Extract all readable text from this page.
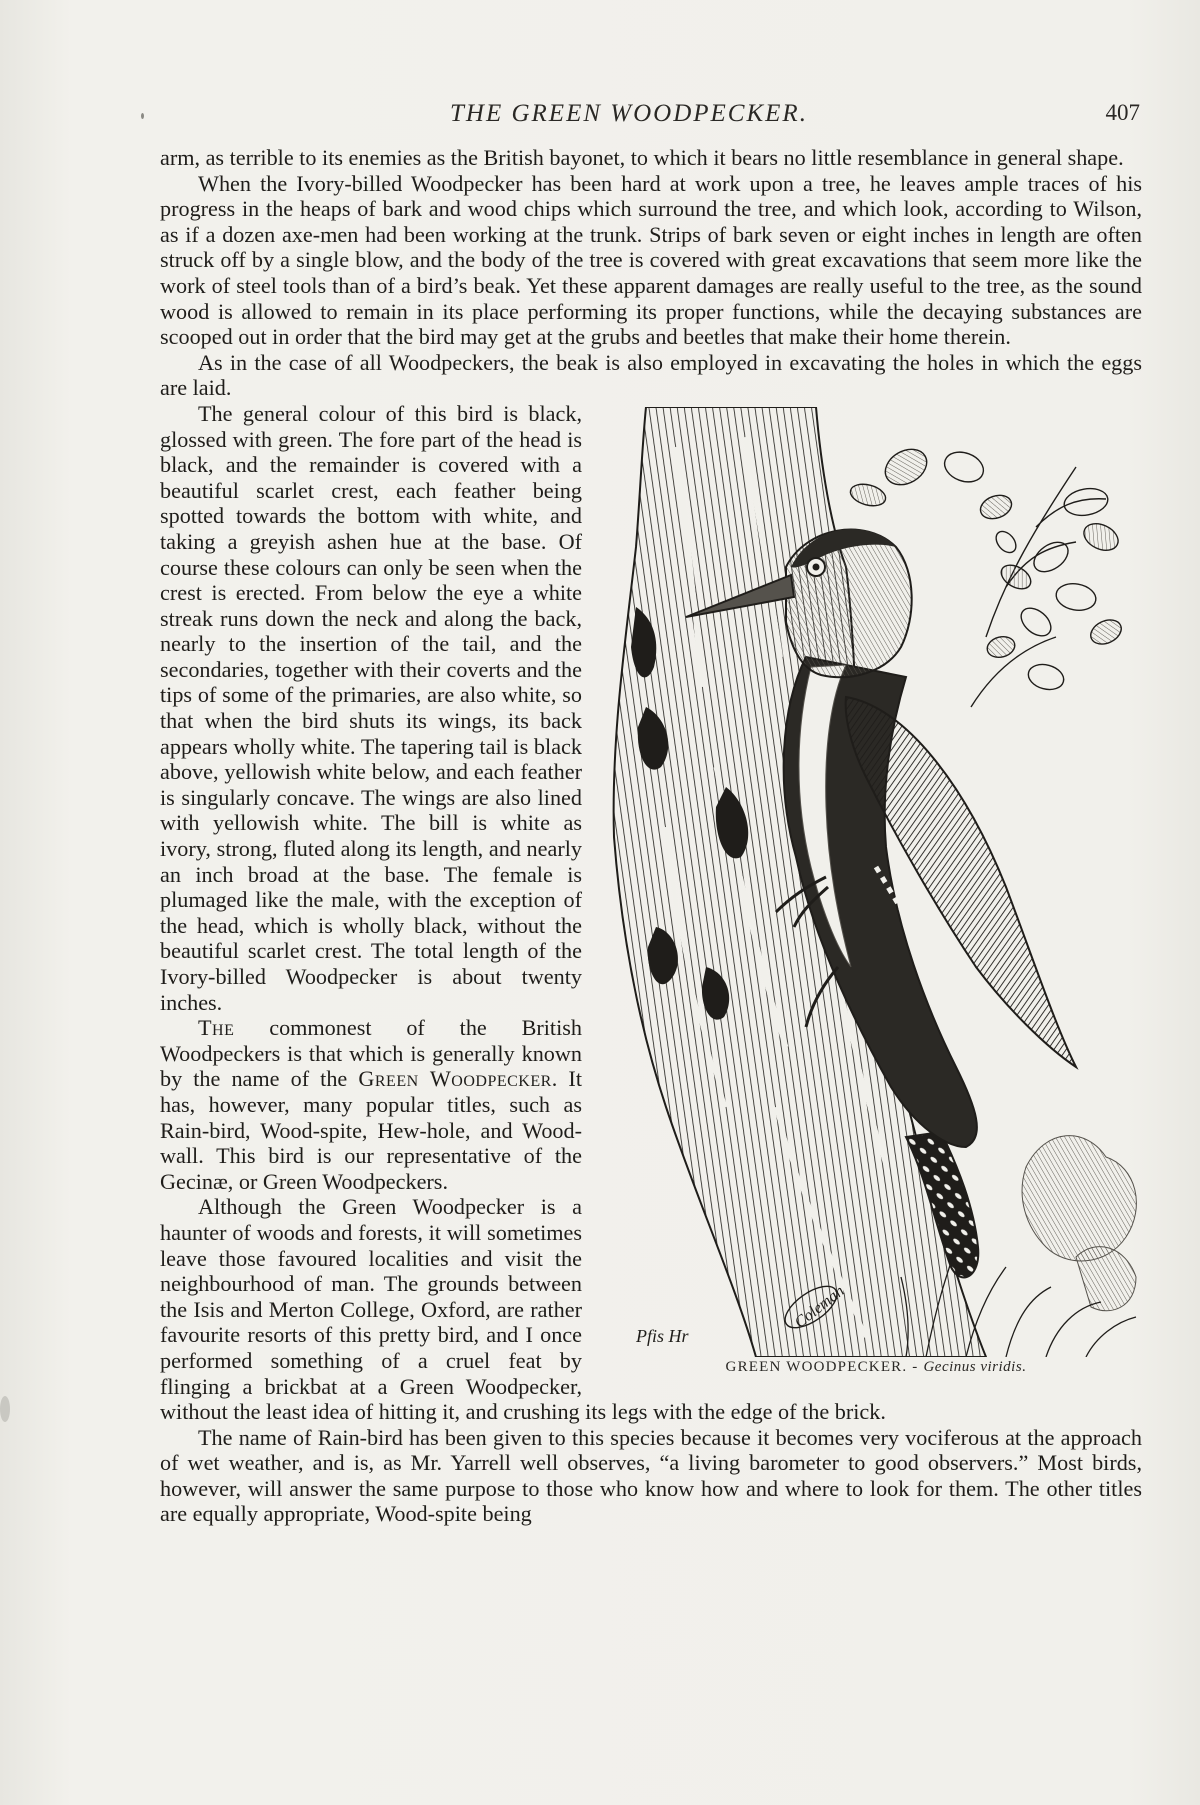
THE GREEN WOODPECKER.	407

arm, as terrible to its enemies as the British bayonet, to which it bears no little resemblance in general shape.

When the Ivory-billed Woodpecker has been hard at work upon a tree, he leaves ample traces of his progress in the heaps of bark and wood chips which surround the tree, and which look, according to Wilson, as if a dozen axe-men had been working at the trunk. Strips of bark seven or eight inches in length are often struck off by a single blow, and the body of the tree is covered with great excavations that seem more like the work of steel tools than of a bird’s beak. Yet these apparent damages are really useful to the tree, as the sound wood is allowed to remain in its place performing its proper functions, while the decaying substances are scooped out in order that the bird may get at the grubs and beetles that make their home therein.

As in the case of all Woodpeckers, the beak is also employed in excavating the holes in which the eggs are laid.

Coleman
Pfis Hr
GREEN WOODPECKER. - Gecinus viridis.

The general colour of this bird is black, glossed with green. The fore part of the head is black, and the remainder is covered with a beautiful scarlet crest, each feather being spotted towards the bottom with white, and taking a greyish ashen hue at the base. Of course these colours can only be seen when the crest is erected. From below the eye a white streak runs down the neck and along the back, nearly to the insertion of the tail, and the secondaries, together with their coverts and the tips of some of the primaries, are also white, so that when the bird shuts its wings, its back appears wholly white. The tapering tail is black above, yellowish white below, and each feather is singularly concave. The wings are also lined with yellowish white. The bill is white as ivory, strong, fluted along its length, and nearly an inch broad at the base. The female is plumaged like the male, with the exception of the head, which is wholly black, without the beautiful scarlet crest. The total length of the Ivory-billed Woodpecker is about twenty inches.

The commonest of the British Woodpeckers is that which is generally known by the name of the Green Woodpecker. It has, however, many popular titles, such as Rain-bird, Wood-spite, Hew-hole, and Wood-wall. This bird is our representative of the Gecinæ, or Green Woodpeckers.

Although the Green Woodpecker is a haunter of woods and forests, it will sometimes leave those favoured localities and visit the neighbourhood of man. The grounds between the Isis and Merton College, Oxford, are rather favourite resorts of this pretty bird, and I once performed something of a cruel feat by flinging a brickbat at a Green Woodpecker, without the least idea of hitting it, and crushing its legs with the edge of the brick.

The name of Rain-bird has been given to this species because it becomes very vociferous at the approach of wet weather, and is, as Mr. Yarrell well observes, “a living barometer to good observers.” Most birds, however, will answer the same purpose to those who know how and where to look for them. The other titles are equally appropriate, Wood-spite being
